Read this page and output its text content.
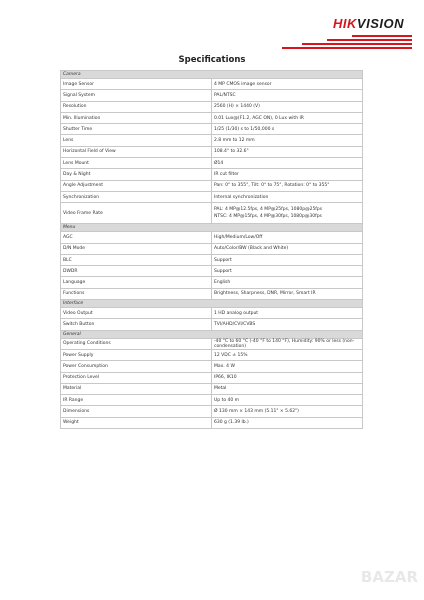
HIKVISION
Specifications
Camera	
Image Sensor	4 MP CMOS image sensor
Signal System	PAL/NTSC
Resolution	2560 (H) × 1440 (V)
Min. Illumination	0.01 Lux@(F1.2, AGC ON), 0 Lux with IR
Shutter Time	1/25 (1/30) s to 1/50,000 s
Lens	2.8 mm to 12 mm
Horizontal Field of View	108.4° to 32.6°
Lens Mount	Ø14
Day & Night	IR cut filter
Angle Adjustment	Pan: 0° to 355°, Tilt: 0° to 75°, Rotation: 0° to 355°
Synchronization	Internal synchronization
Video Frame Rate	PAL: 4 MP@12.5fps, 4 MP@25fps, 1080p@25fps
NTSC: 4 MP@15fps, 4 MP@30fps, 1080p@30fps

Menu	
AGC	High/Medium/Low/Off
D/N Mode	Auto/Color/BW (Black and White)
BLC	Support
DWDR	Support
Language	English
Functions	Brightness, Sharpness, DNR, Mirror, Smart IR
Interface	
Video Output	1 HD analog output
Switch Button	TVI/AHD/CVI/CVBS
General	
Operating Conditions	-40 °C to 60 °C (-40 °F to 140 °F), Humidity: 90% or less (non-condensation)
Power Supply	12 VDC ± 15%
Power Consumption	Max. 4 W
Protection Level	IP66, IK10
Material	Metal
IR Range	Up to 40 m
Dimensions	Ø 130 mm × 143 mm (5.11" × 5.62")
Weight	630 g (1.39 lb.)
BAZAR
